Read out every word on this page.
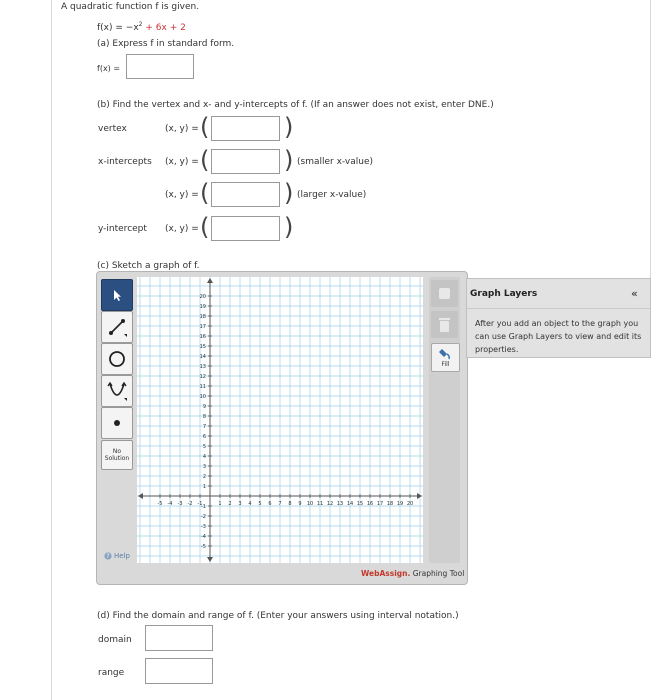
A quadratic function f is given.
$f(x) = -x^2 + 6x + 2$
(a) Express f in standard form.
f(x) =
(b) Find the vertex and x- and y-intercepts of f. (If an answer does not exist, enter DNE.)
vertex	(x, y) = (	)
x-intercepts (x, y) = (	) (smaller x-value)
(x, y) = (	) (larger x-value)
y-intercept (x, y) = (	)
(c) Sketch a graph of f.
No
Solution
? Help
-5 -4 -3 -2 -1	1 2 3 4 5 6 7 8 9 10 11 12 13 14 15 16 17 18 19 20
20
19
18
17
16
15
14
13
12
11
10
9
8
7
6
5
4
3
2
1
-1
-2
-3
-4
-5
Fill
WebAssign. Graphing Tool
Graph Layers	«
After you add an object to the graph you can use Graph Layers to view and edit its properties.
(d) Find the domain and range of f. (Enter your answers using interval notation.)
domain
range
